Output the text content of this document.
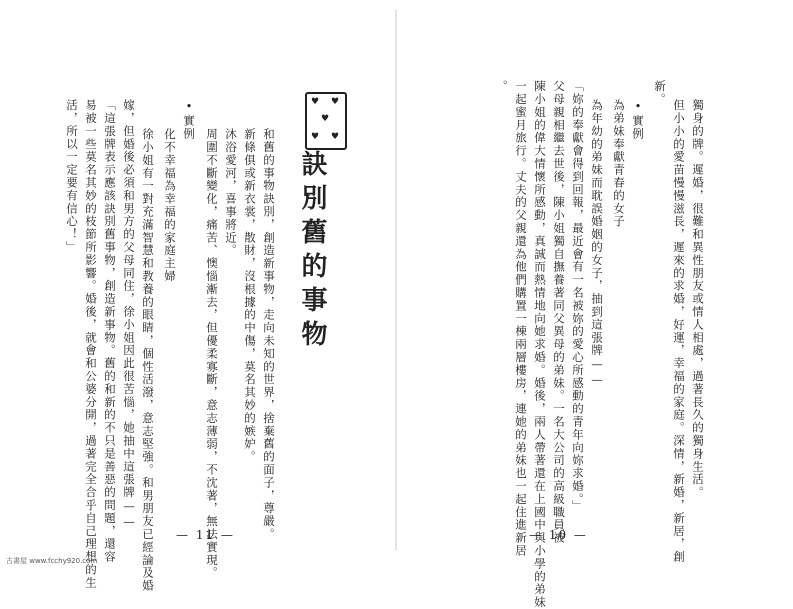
訣別舊的事物
♥ ♥
♥
♥ ♥
和舊的事物訣別，創造新事物，走向未知的世界，捨棄舊的面子，尊嚴。
新條俱或新衣裳，散財，沒根據的中傷，莫名其妙的嫉妒。
沐浴愛河，喜事將近。
周圍不斷變化，痛苦、懊惱漸去，但優柔寡斷，意志薄弱，不沈著，無法實現。
•實例
化不幸福為幸福的家庭主婦
徐小姐有一對充滿智慧和教養的眼睛，個性活潑，意志堅強。和男朋友已經論及婚
嫁，但婚後必須和男方的父母同住，徐小姐因此很苦惱，她抽中這張牌——
「這張牌表示應該訣別舊事物，創造新事物。舊的和新的不只是善惡的問題，還容
易被一些莫名其妙的枝節所影響。婚後，就會和公婆分開，過著完全合乎自己理想的生
活，所以一定要有信心！」
— 11 —
獨身的牌。遲婚，很難和異性朋友或情人相處，過著長久的獨身生活。
但小小的愛苗慢慢滋長，遲來的求婚，好運，幸福的家庭。深情，新婚，新居，創
新。
•實例
為弟妹奉獻青春的女子
為年幼的弟妹而耽誤婚姻的女子，抽到這張牌——
「妳的奉獻會得到回報，最近會有一名被妳的愛心所感動的青年向妳求婚。」
父母親相繼去世後，陳小姐獨自撫養著同父異母的弟妹。一名大公司的高級職員被
陳小姐的偉大情懷所感動，真誠而熱情地向她求婚。婚後，兩人帶著還在上國中與小學的弟妹
一起蜜月旅行。丈夫的父親還為他們購置一棟兩層樓房，連她的弟妹也一起住進新居
。
— 10 —
古書屋 www.fcchy920.com
